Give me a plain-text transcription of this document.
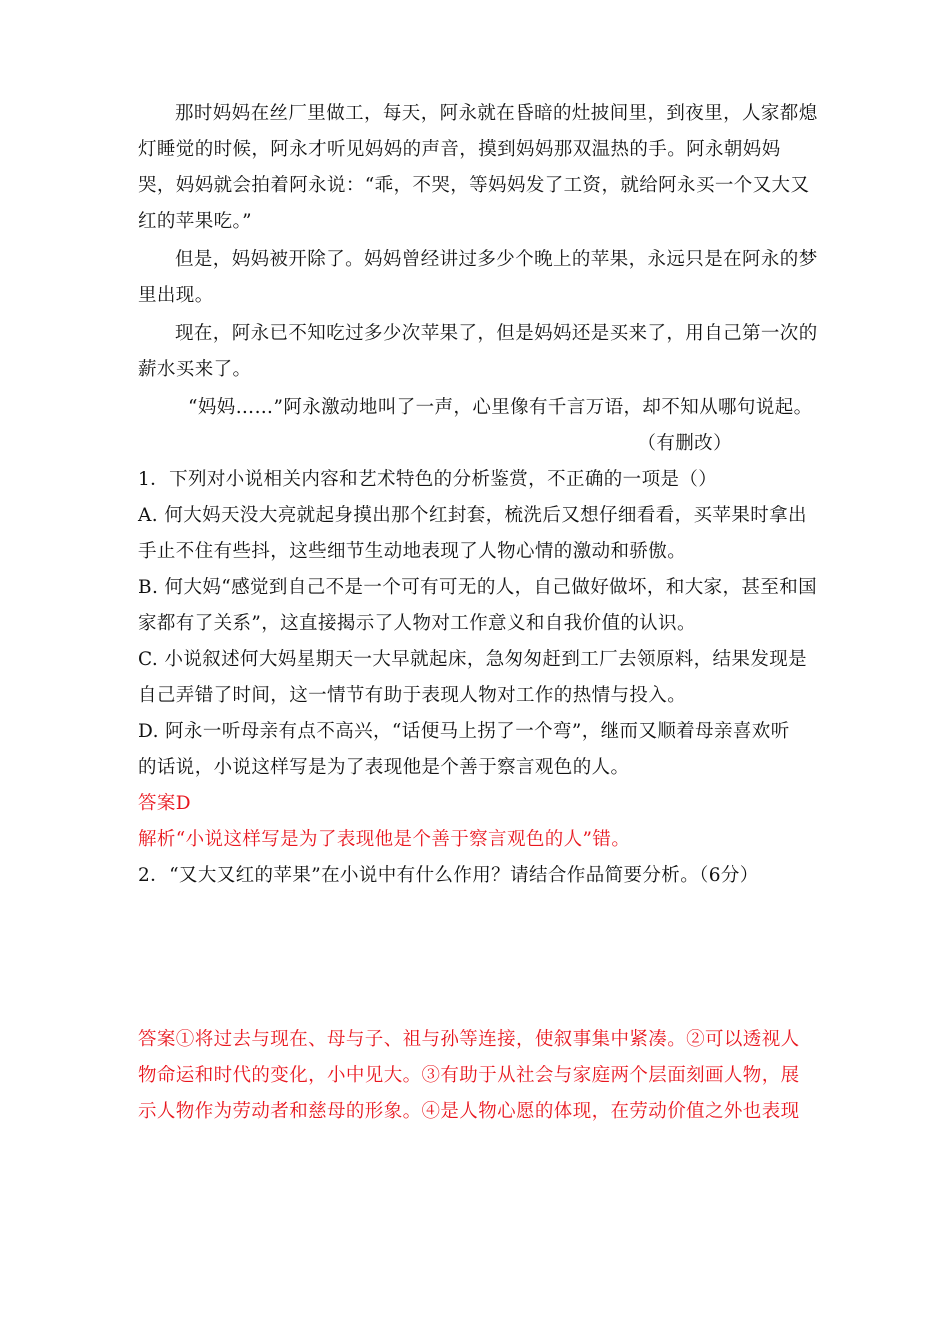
那时妈妈在丝厂里做工，每天，阿永就在昏暗的灶披间里，到夜里，人家都熄灯睡觉的时候，阿永才听见妈妈的声音，摸到妈妈那双温热的手。阿永朝妈妈哭，妈妈就会拍着阿永说：“乖，不哭，等妈妈发了工资，就给阿永买一个又大又红的苹果吃。”

但是，妈妈被开除了。妈妈曾经讲过多少个晚上的苹果，永远只是在阿永的梦里出现。

现在，阿永已不知吃过多少次苹果了，但是妈妈还是买来了，用自己第一次的薪水买来了。

“妈妈……”阿永激动地叫了一声，心里像有千言万语，却不知从哪句说起。

（有删改）

1．下列对小说相关内容和艺术特色的分析鉴赏，不正确的一项是（）

A. 何大妈天没大亮就起身摸出那个红封套，梳洗后又想仔细看看，买苹果时拿出手止不住有些抖，这些细节生动地表现了人物心情的激动和骄傲。

B. 何大妈“感觉到自己不是一个可有可无的人，自己做好做坏，和大家，甚至和国家都有了关系”，这直接揭示了人物对工作意义和自我价值的认识。

C. 小说叙述何大妈星期天一大早就起床，急匆匆赶到工厂去领原料，结果发现是自己弄错了时间，这一情节有助于表现人物对工作的热情与投入。

D. 阿永一听母亲有点不高兴，“话便马上拐了一个弯”，继而又顺着母亲喜欢听

的话说，小说这样写是为了表现他是个善于察言观色的人。

答案D

解析“小说这样写是为了表现他是个善于察言观色的人”错。

2．“又大又红的苹果”在小说中有什么作用？请结合作品简要分析。（6分）

答案①将过去与现在、母与子、祖与孙等连接，使叙事集中紧凑。②可以透视人物命运和时代的变化，小中见大。③有助于从社会与家庭两个层面刻画人物，展示人物作为劳动者和慈母的形象。④是人物心愿的体现，在劳动价值之外也表现
